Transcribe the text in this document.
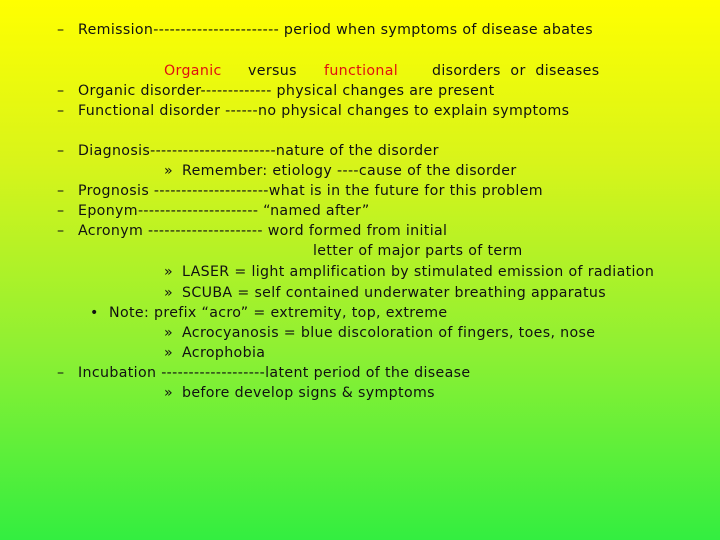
– Remission----------------------- period when symptoms of disease abates
Organic versus functional disorders  or  diseases
– Organic disorder------------- physical changes are present
– Functional disorder ------no physical changes to explain symptoms
– Diagnosis-----------------------nature of the disorder
» Remember: etiology ----cause of the disorder
– Prognosis ---------------------what is in the future for this problem
– Eponym---------------------- “named after”
– Acronym --------------------- word formed from initial
letter of major parts of term
» LASER = light amplification by stimulated emission of radiation
» SCUBA = self contained underwater breathing apparatus
• Note: prefix “acro” = extremity, top, extreme
» Acrocyanosis = blue discoloration of fingers, toes, nose
» Acrophobia
– Incubation -------------------latent period of the disease
» before develop signs & symptoms
